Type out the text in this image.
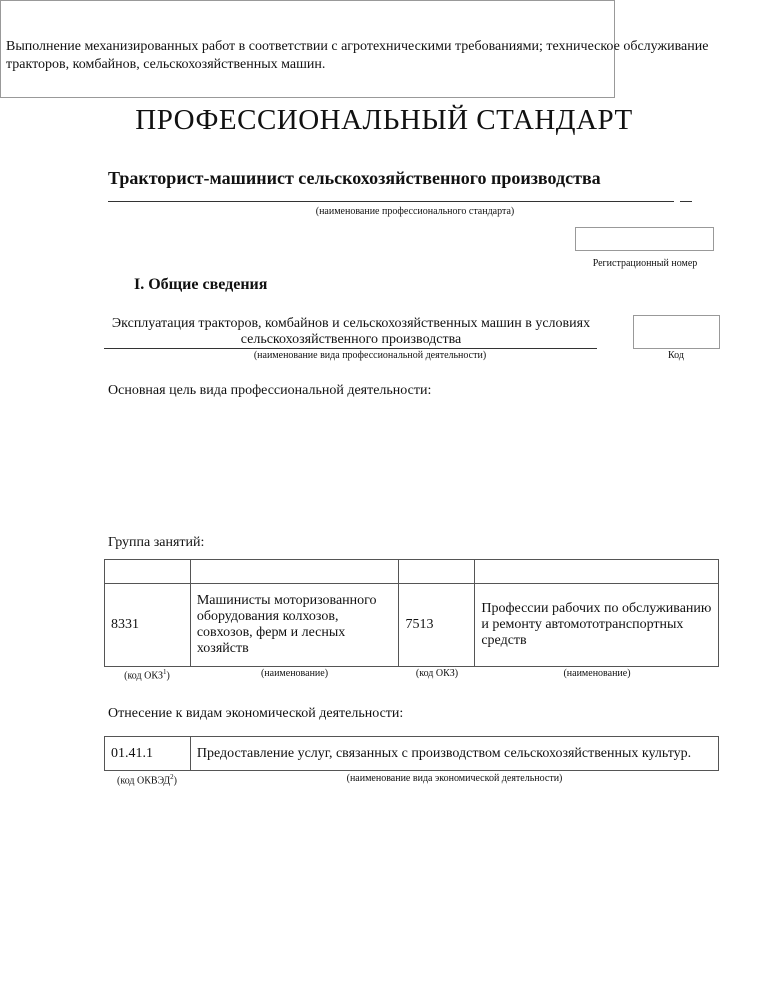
ПРОФЕССИОНАЛЬНЫЙ СТАНДАРТ
Тракторист-машинист сельскохозяйственного производства
(наименование профессионального стандарта)
Регистрационный номер
I. Общие сведения
Эксплуатация тракторов, комбайнов и сельскохозяйственных машин в условиях сельскохозяйственного производства
(наименование вида профессиональной деятельности)	Код
Основная цель вида профессиональной деятельности:
Выполнение механизированных работ в соответствии с агротехническими требованиями; техническое обслуживание тракторов, комбайнов, сельскохозяйственных машин.
Группа занятий:

8331	Машинисты моторизованного оборудования колхозов, совхозов, ферм и лесных хозяйств	7513	Профессии рабочих по обслуживанию и ремонту автомототранспортных средств
(код ОКЗ$^1$)	(наименование)	(код ОКЗ)	(наименование)
Отнесение к видам экономической деятельности:
01.41.1	Предоставление услуг, связанных с производством сельскохозяйственных культур.
(код ОКВЭД$^2$)	(наименование вида экономической деятельности)
